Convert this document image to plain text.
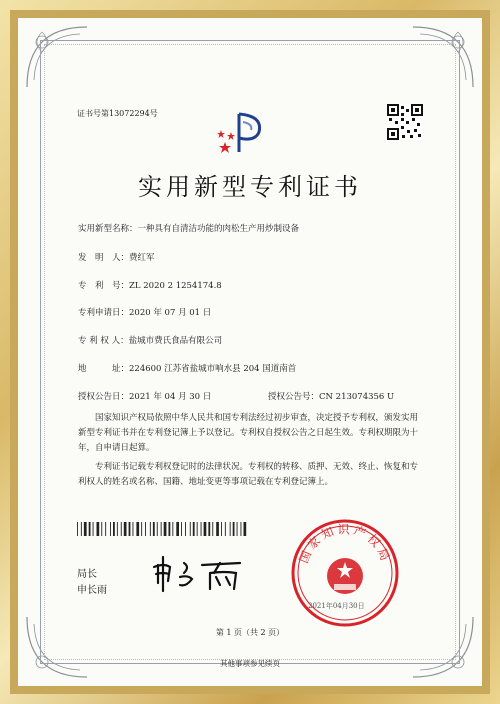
证书号第13072294号
实用新型专利证书
实用新型名称：一种具有自清洁功能的肉松生产用炒制设备
发　明　人：费红军
专　利　号：ZL 2020 2 1254174.8
专利申请日：2020 年 07 月 01 日
专 利 权 人：盐城市费氏食品有限公司
地　　　址：224600 江苏省盐城市响水县 204 国道南首
授权公告日：2021 年 04 月 30 日	授权公告号：CN 213074356 U
国家知识产权局依照中华人民共和国专利法经过初步审查，决定授予专利权，颁发实用新型专利证书并在专利登记簿上予以登记。专利权自授权公告之日起生效。专利权期限为十年，自申请日起算。
专利证书记载专利权登记时的法律状况。专利权的转移、质押、无效、终止、恢复和专利权人的姓名或名称、国籍、地址变更等事项记载在专利登记簿上。
局长
申长雨
国家知识产权局
2021年04月30日
第 1 页（共 2 页）
其他事项参见续页
